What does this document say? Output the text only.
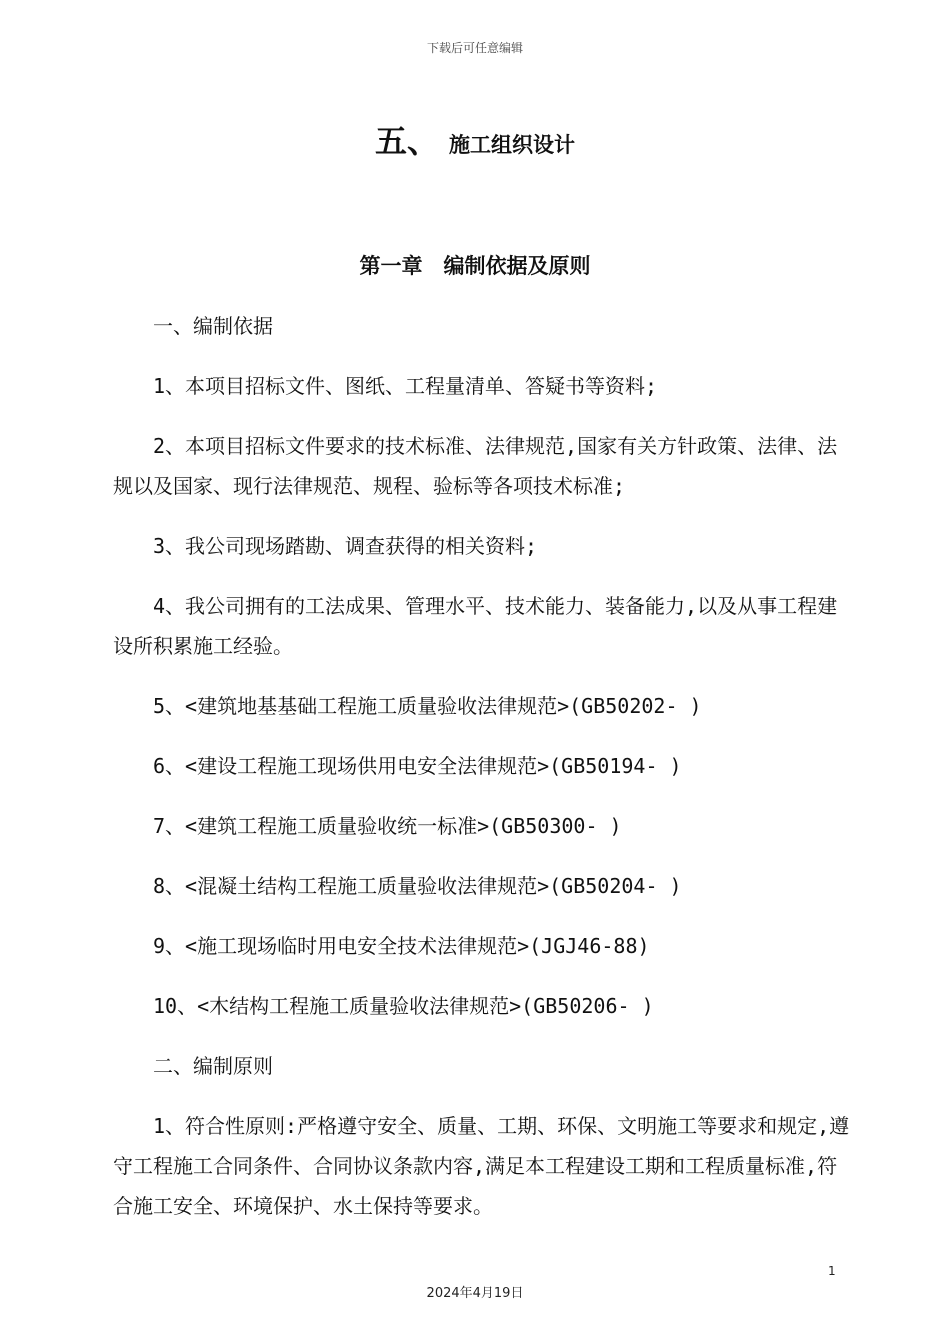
下载后可任意编辑
五、 施工组织设计
第一章　编制依据及原则

一、编制依据

1、本项目招标文件、图纸、工程量清单、答疑书等资料;

2、本项目招标文件要求的技术标准、法律规范,国家有关方针政策、法律、法规以及国家、现行法律规范、规程、验标等各项技术标准;

3、我公司现场踏勘、调查获得的相关资料;

4、我公司拥有的工法成果、管理水平、技术能力、装备能力,以及从事工程建设所积累施工经验。

5、<建筑地基基础工程施工质量验收法律规范>(GB50202- )

6、<建设工程施工现场供用电安全法律规范>(GB50194- )

7、<建筑工程施工质量验收统一标准>(GB50300- )

8、<混凝土结构工程施工质量验收法律规范>(GB50204- )

9、<施工现场临时用电安全技术法律规范>(JGJ46-88)

10、<木结构工程施工质量验收法律规范>(GB50206- )

二、编制原则

1、符合性原则:严格遵守安全、质量、工期、环保、文明施工等要求和规定,遵守工程施工合同条件、合同协议条款内容,满足本工程建设工期和工程质量标准,符合施工安全、环境保护、水土保持等要求。

1
2024年4月19日
